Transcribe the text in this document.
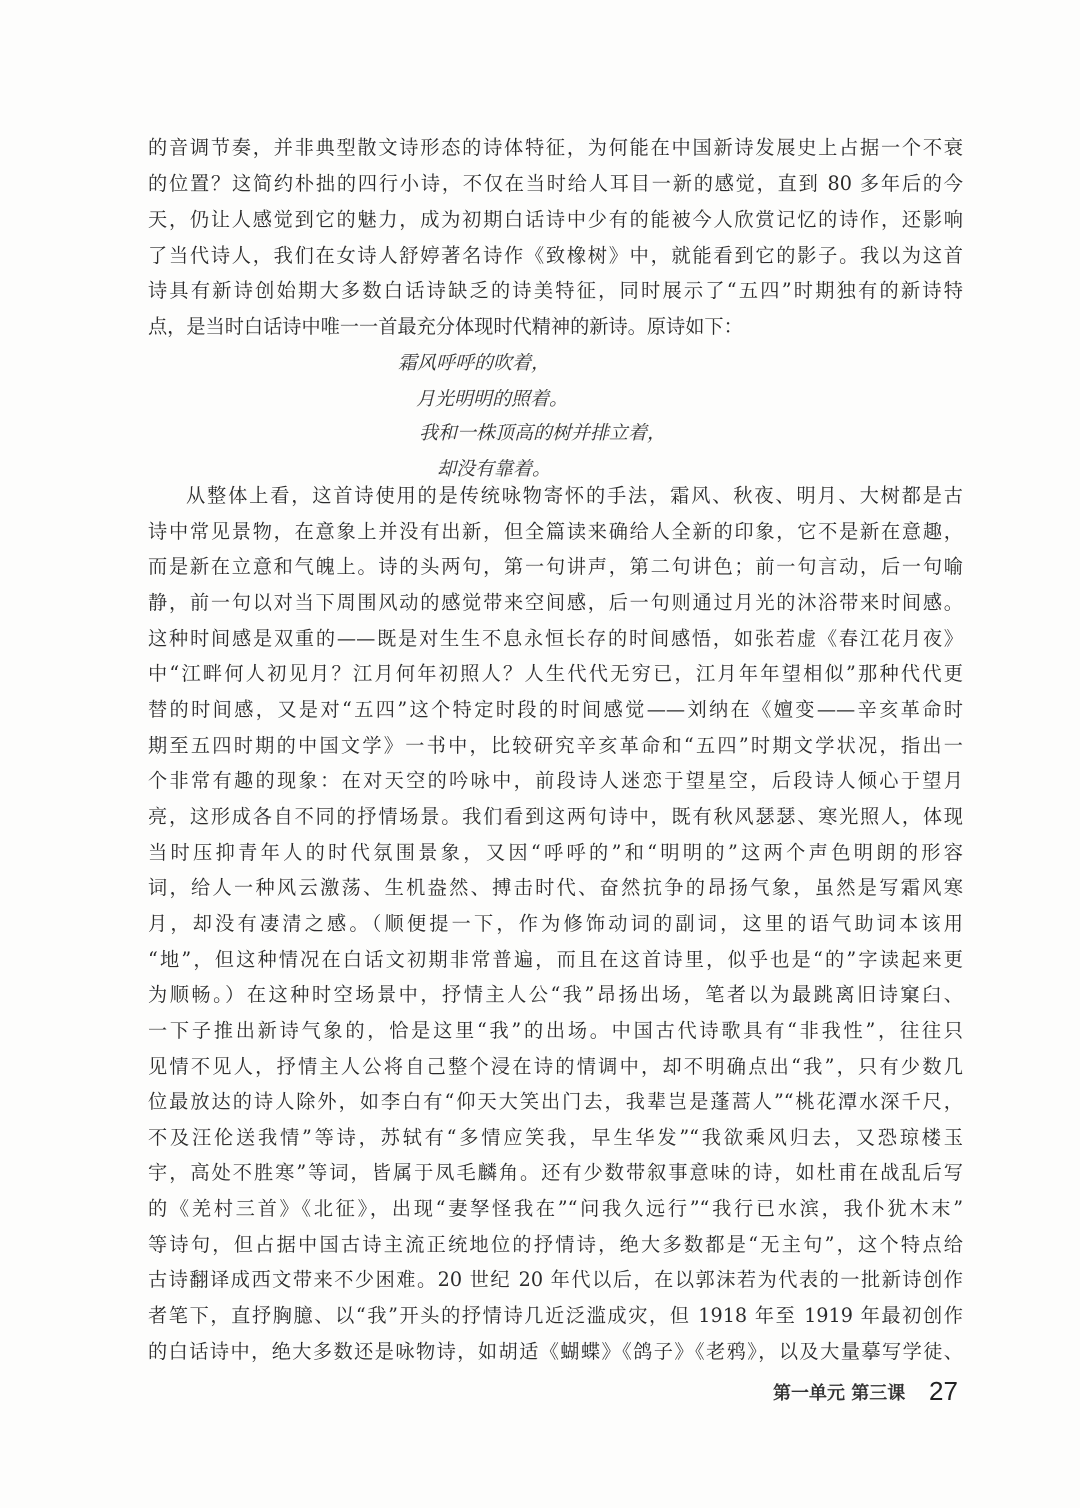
的音调节奏，并非典型散文诗形态的诗体特征，为何能在中国新诗发展史上占据一个不衰
的位置？这简约朴拙的四行小诗，不仅在当时给人耳目一新的感觉，直到 80 多年后的今
天，仍让人感觉到它的魅力，成为初期白话诗中少有的能被今人欣赏记忆的诗作，还影响
了当代诗人，我们在女诗人舒婷著名诗作《致橡树》中，就能看到它的影子。我以为这首
诗具有新诗创始期大多数白话诗缺乏的诗美特征，同时展示了“五四”时期独有的新诗特
点，是当时白话诗中唯一一首最充分体现时代精神的新诗。原诗如下：
霜风呼呼的吹着，
月光明明的照着。
我和一株顶高的树并排立着，
却没有靠着。
从整体上看，这首诗使用的是传统咏物寄怀的手法，霜风、秋夜、明月、大树都是古
诗中常见景物，在意象上并没有出新，但全篇读来确给人全新的印象，它不是新在意趣，
而是新在立意和气魄上。诗的头两句，第一句讲声，第二句讲色；前一句言动，后一句喻
静，前一句以对当下周围风动的感觉带来空间感，后一句则通过月光的沐浴带来时间感。
这种时间感是双重的——既是对生生不息永恒长存的时间感悟，如张若虚《春江花月夜》
中“江畔何人初见月？江月何年初照人？人生代代无穷已，江月年年望相似”那种代代更
替的时间感，又是对“五四”这个特定时段的时间感觉——刘纳在《嬗变——辛亥革命时
期至五四时期的中国文学》一书中，比较研究辛亥革命和“五四”时期文学状况，指出一
个非常有趣的现象：在对天空的吟咏中，前段诗人迷恋于望星空，后段诗人倾心于望月
亮，这形成各自不同的抒情场景。我们看到这两句诗中，既有秋风瑟瑟、寒光照人，体现
当时压抑青年人的时代氛围景象，又因“呼呼的”和“明明的”这两个声色明朗的形容
词，给人一种风云激荡、生机盎然、搏击时代、奋然抗争的昂扬气象，虽然是写霜风寒
月，却没有凄清之感。（顺便提一下，作为修饰动词的副词，这里的语气助词本该用
“地”，但这种情况在白话文初期非常普遍，而且在这首诗里，似乎也是“的”字读起来更
为顺畅。）在这种时空场景中，抒情主人公“我”昂扬出场，笔者以为最跳离旧诗窠臼、
一下子推出新诗气象的，恰是这里“我”的出场。中国古代诗歌具有“非我性”，往往只
见情不见人，抒情主人公将自己整个浸在诗的情调中，却不明确点出“我”，只有少数几
位最放达的诗人除外，如李白有“仰天大笑出门去，我辈岂是蓬蒿人”“桃花潭水深千尺，
不及汪伦送我情”等诗，苏轼有“多情应笑我，早生华发”“我欲乘风归去，又恐琼楼玉
宇，高处不胜寒”等词，皆属于凤毛麟角。还有少数带叙事意味的诗，如杜甫在战乱后写
的《羌村三首》《北征》，出现“妻孥怪我在”“问我久远行”“我行已水滨，我仆犹木末”
等诗句，但占据中国古诗主流正统地位的抒情诗，绝大多数都是“无主句”，这个特点给
古诗翻译成西文带来不少困难。20 世纪 20 年代以后，在以郭沫若为代表的一批新诗创作
者笔下，直抒胸臆、以“我”开头的抒情诗几近泛滥成灾，但 1918 年至 1919 年最初创作
的白话诗中，绝大多数还是咏物诗，如胡适《蝴蝶》《鸽子》《老鸦》，以及大量摹写学徒、
第一单元 第三课 27
